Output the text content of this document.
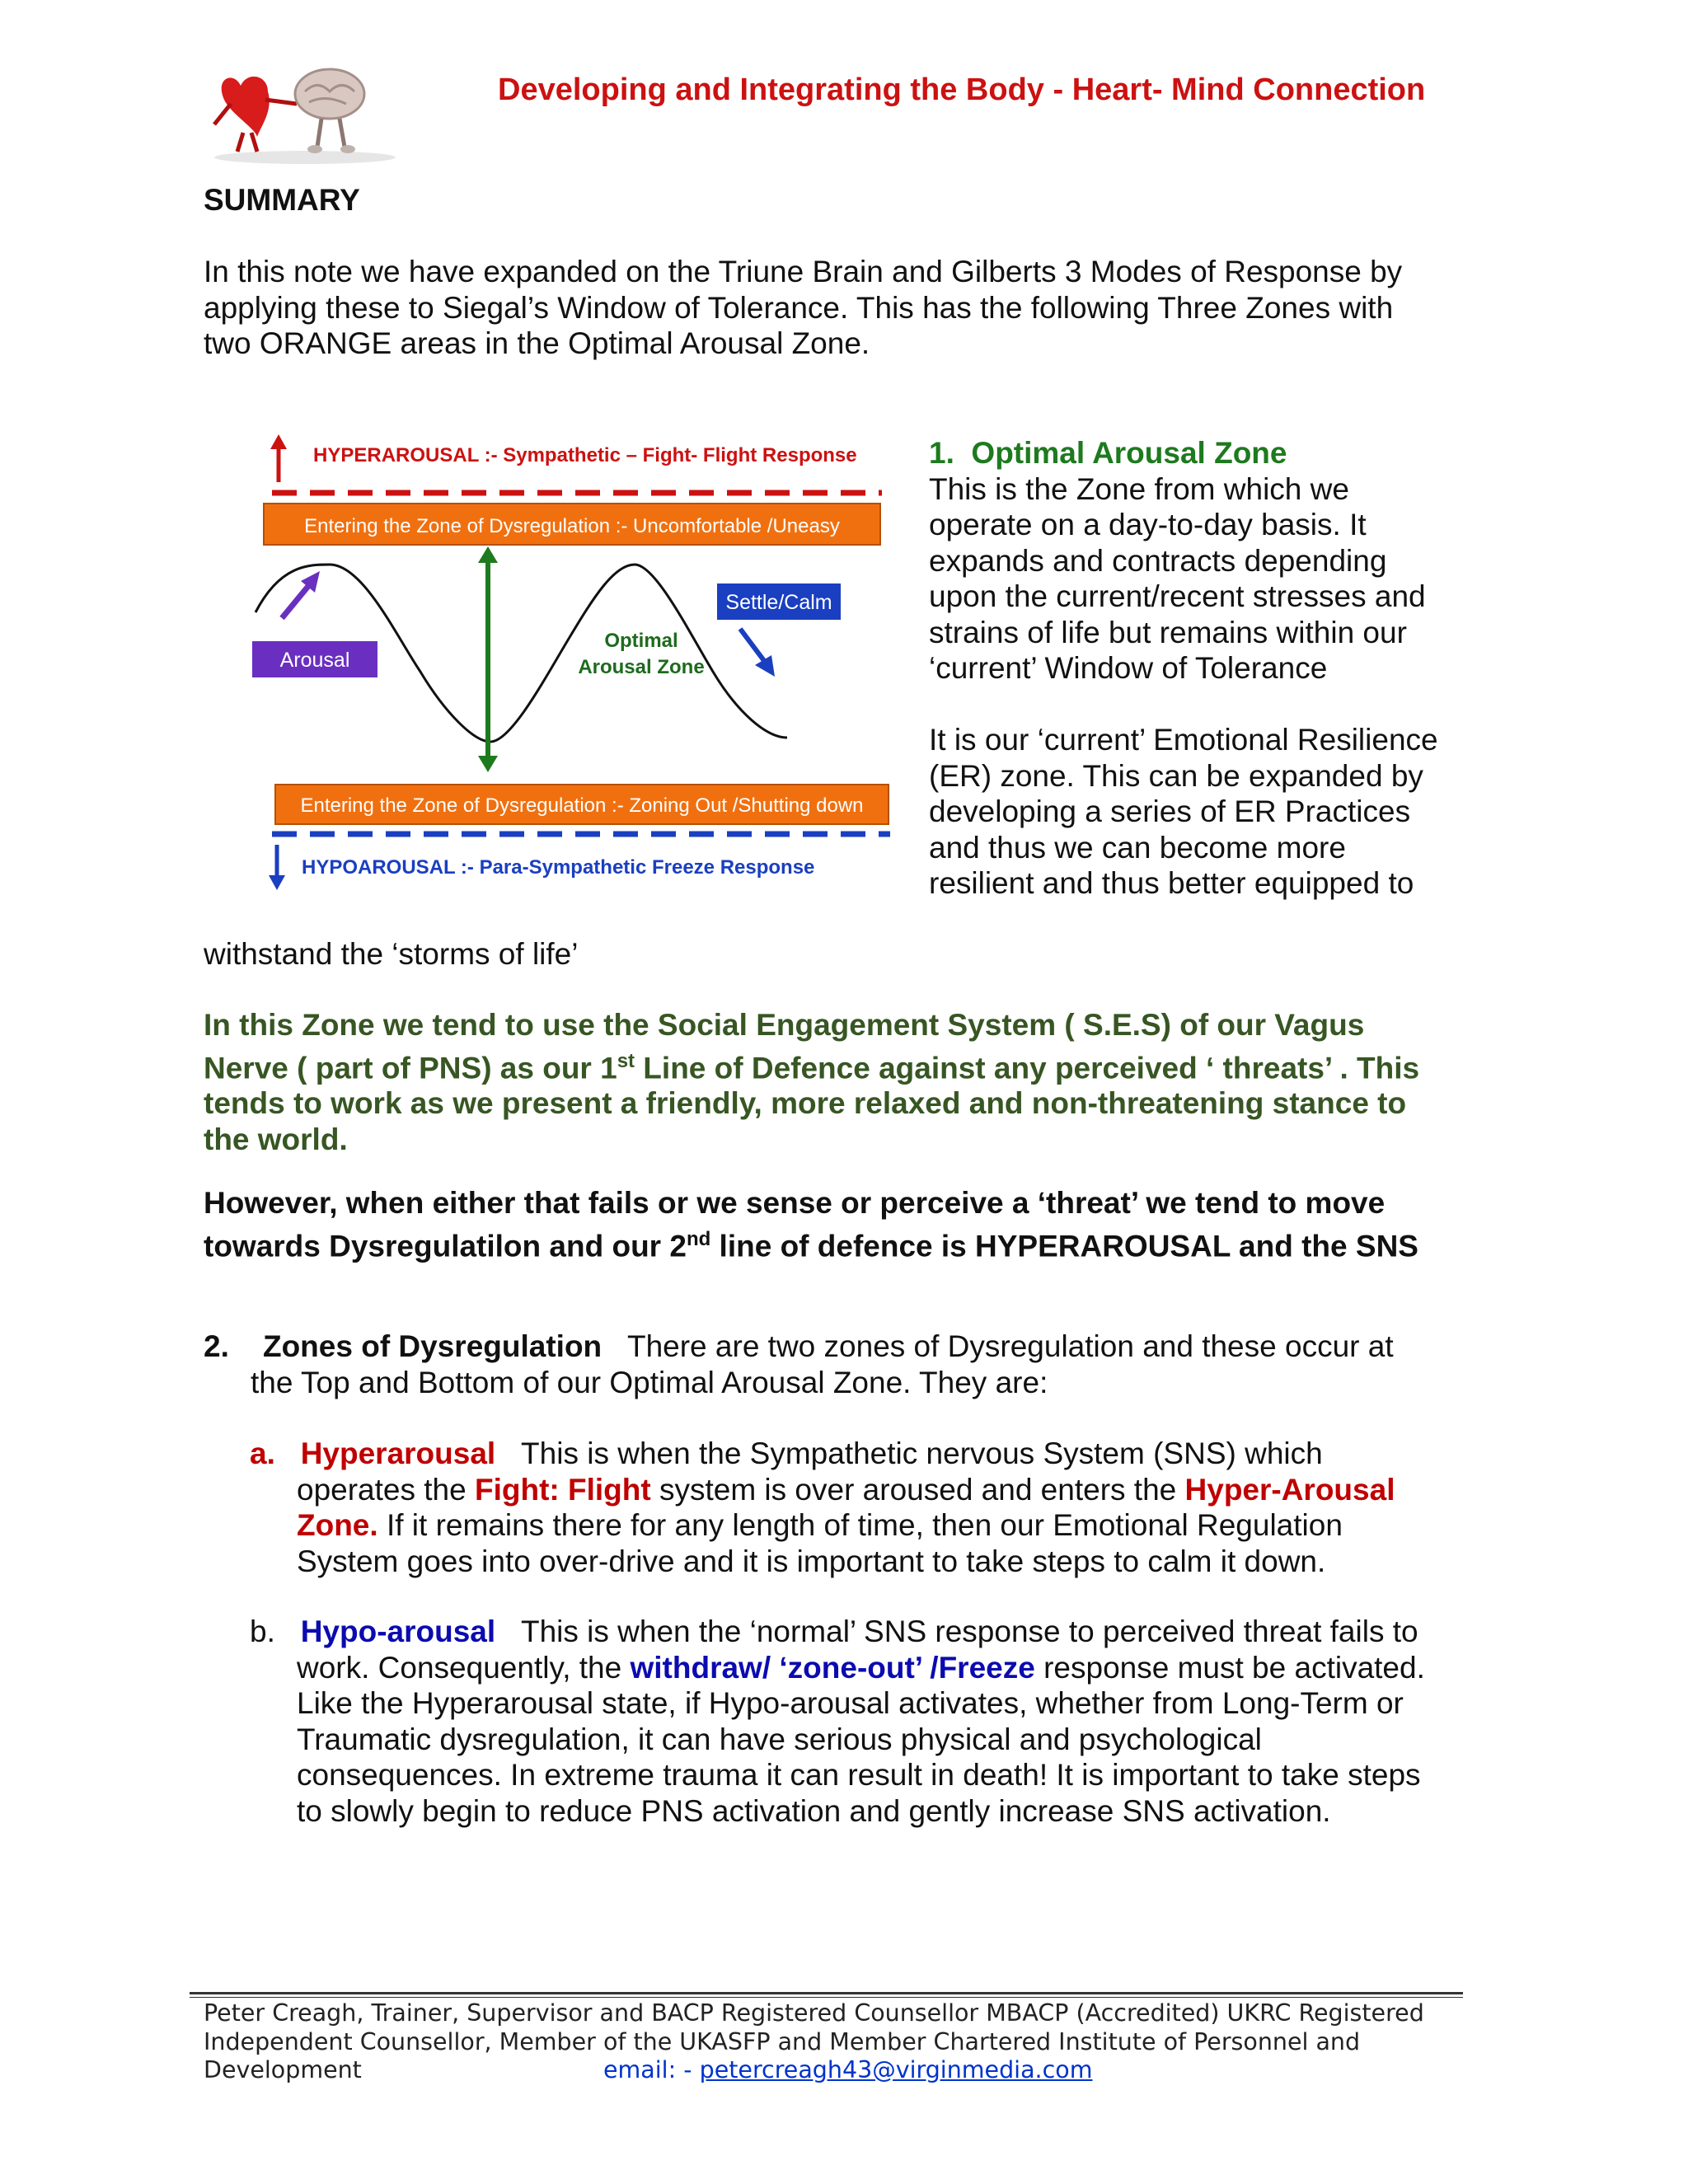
Developing and Integrating the Body - Heart- Mind Connection
SUMMARY

In this note we have expanded on the Triune Brain and Gilberts 3 Modes of Response by

applying these to Siegal’s Window of Tolerance. This has the following Three Zones with

two ORANGE areas in the Optimal Arousal Zone.

HYPERAROUSAL :- Sympathetic – Fight- Flight Response
Entering the Zone of Dysregulation :- Uncomfortable /Uneasy
Arousal
Settle/Calm
Optimal
Arousal Zone
Entering the Zone of Dysregulation :- Zoning Out /Shutting down
HYPOAROUSAL :- Para-Sympathetic Freeze Response

1. Optimal Arousal Zone

This is the Zone from which we

operate on a day-to-day basis. It

expands and contracts depending

upon the current/recent stresses and

strains of life but remains within our

‘current’ Window of Tolerance

It is our ‘current’ Emotional Resilience

(ER) zone. This can be expanded by

developing a series of ER Practices

and thus we can become more

resilient and thus better equipped to

withstand the ‘storms of life’

In this Zone we tend to use the Social Engagement System ( S.E.S) of our Vagus

Nerve ( part of PNS) as our 1st Line of Defence against any perceived ‘ threats’ . This

tends to work as we present a friendly, more relaxed and non-threatening stance to

the world.

However, when either that fails or we sense or perceive a ‘threat’ we tend to move

towards Dysregulatilon and our 2nd line of defence is HYPERAROUSAL and the SNS

2. Zones of Dysregulation There are two zones of Dysregulation and these occur at

the Top and Bottom of our Optimal Arousal Zone. They are:

a. Hyperarousal This is when the Sympathetic nervous System (SNS) which

operates the Fight: Flight system is over aroused and enters the Hyper-Arousal

Zone. If it remains there for any length of time, then our Emotional Regulation

System goes into over-drive and it is important to take steps to calm it down.

b. Hypo-arousal This is when the ‘normal’ SNS response to perceived threat fails to

work. Consequently, the withdraw/ ‘zone-out’ /Freeze response must be activated.

Like the Hyperarousal state, if Hypo-arousal activates, whether from Long-Term or

Traumatic dysregulation, it can have serious physical and psychological

consequences. In extreme trauma it can result in death! It is important to take steps

to slowly begin to reduce PNS activation and gently increase SNS activation.

Peter Creagh, Trainer, Supervisor and BACP Registered Counsellor MBACP (Accredited) UKRC Registered

Independent Counsellor, Member of the UKASFP and Member Chartered Institute of Personnel and

Development	email: - petercreagh43@virginmedia.com
